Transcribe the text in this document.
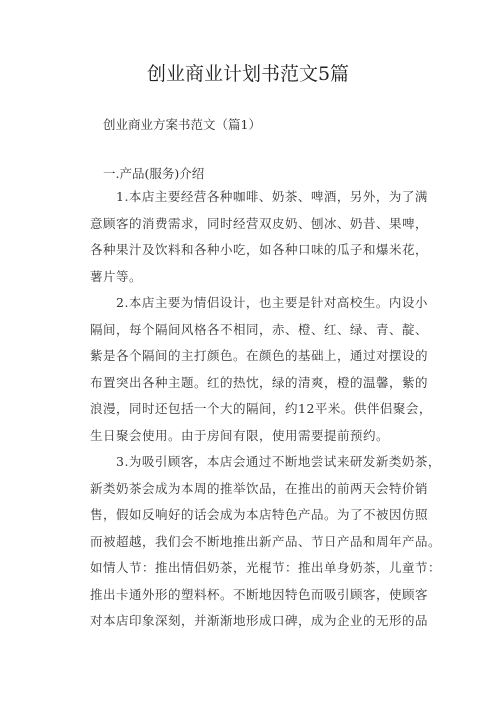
创业商业计划书范文5篇
创业商业方案书范文（篇1）
一.产品(服务)介绍
1.本店主要经营各种咖啡、奶茶、啤酒，另外，为了满
意顾客的消费需求，同时经营双皮奶、刨冰、奶昔、果啤，
各种果汁及饮料和各种小吃，如各种口味的瓜子和爆米花，
薯片等。
2.本店主要为情侣设计，也主要是针对高校生。内设小
隔间，每个隔间风格各不相同，赤、橙、红、绿、青、靛、
紫是各个隔间的主打颜色。在颜色的基础上，通过对摆设的
布置突出各种主题。红的热忱，绿的清爽，橙的温馨，紫的
浪漫，同时还包括一个大的隔间，约12平米。供伴侣聚会，
生日聚会使用。由于房间有限，使用需要提前预约。
3.为吸引顾客，本店会通过不断地尝试来研发新类奶茶，
新类奶茶会成为本周的推举饮品，在推出的前两天会特价销
售，假如反响好的话会成为本店特色产品。为了不被因仿照
而被超越，我们会不断地推出新产品、节日产品和周年产品。
如情人节：推出情侣奶茶，光棍节：推出单身奶茶，儿童节：
推出卡通外形的塑料杯。不断地因特色而吸引顾客，使顾客
对本店印象深刻，并渐渐地形成口碑，成为企业的无形的品
